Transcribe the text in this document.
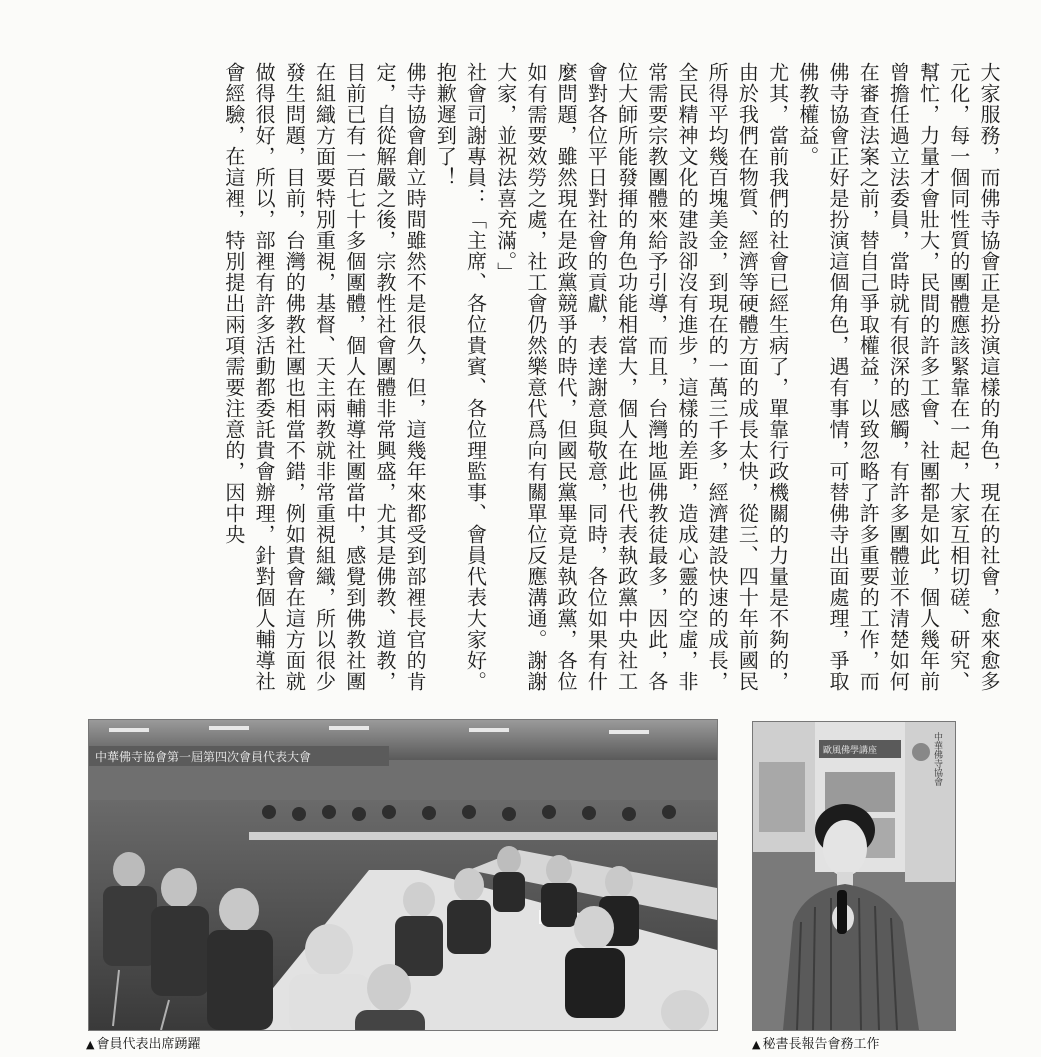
大家服務，而佛寺協會正是扮演這樣的角色，現在的社會，愈來愈多元化，每一個同性質的團體應該緊靠在一起，大家互相切磋、研究、幫忙，力量才會壯大，民間的許多工會、社團都是如此，個人幾年前曾擔任過立法委員，當時就有很深的感觸，有許多團體並不清楚如何在審查法案之前，替自己爭取權益，以致忽略了許多重要的工作，而佛寺協會正好是扮演這個角色，遇有事情，可替佛寺出面處理，爭取佛教權益。

尤其，當前我們的社會已經生病了，單靠行政機關的力量是不夠的，由於我們在物質、經濟等硬體方面的成長太快，從三、四十年前國民所得平均幾百塊美金，到現在的一萬三千多，經濟建設快速的成長，全民精神文化的建設卻沒有進步，這樣的差距，造成心靈的空虛，非常需要宗教團體來給予引導，而且，台灣地區佛教徒最多，因此，各位大師所能發揮的角色功能相當大，個人在此也代表執政黨中央社工會對各位平日對社會的貢獻，表達謝意與敬意，同時，各位如果有什麼問題，雖然現在是政黨競爭的時代，但國民黨畢竟是執政黨，各位如有需要效勞之處，社工會仍然樂意代爲向有關單位反應溝通。謝謝大家，並祝法喜充滿。」

社會司謝專員：「主席、各位貴賓、各位理監事、會員代表大家好。抱歉遲到了！

佛寺協會創立時間雖然不是很久，但，這幾年來都受到部裡長官的肯定，自從解嚴之後，宗教性社會團體非常興盛，尤其是佛教、道教，目前已有一百七十多個團體，個人在輔導社團當中，感覺到佛教社團在組織方面要特別重視，基督、天主兩教就非常重視組織，所以很少發生問題，目前，台灣的佛教社團也相當不錯，例如貴會在這方面就做得很好，所以，部裡有許多活動都委託貴會辦理，針對個人輔導社會經驗，在這裡，特別提出兩項需要注意的，因中央

中華佛寺協會第一屆第四次會員代表大會
▲ 會員代表出席踴躍
歐風佛學講座	中華佛寺協會
▲ 秘書長報告會務工作
